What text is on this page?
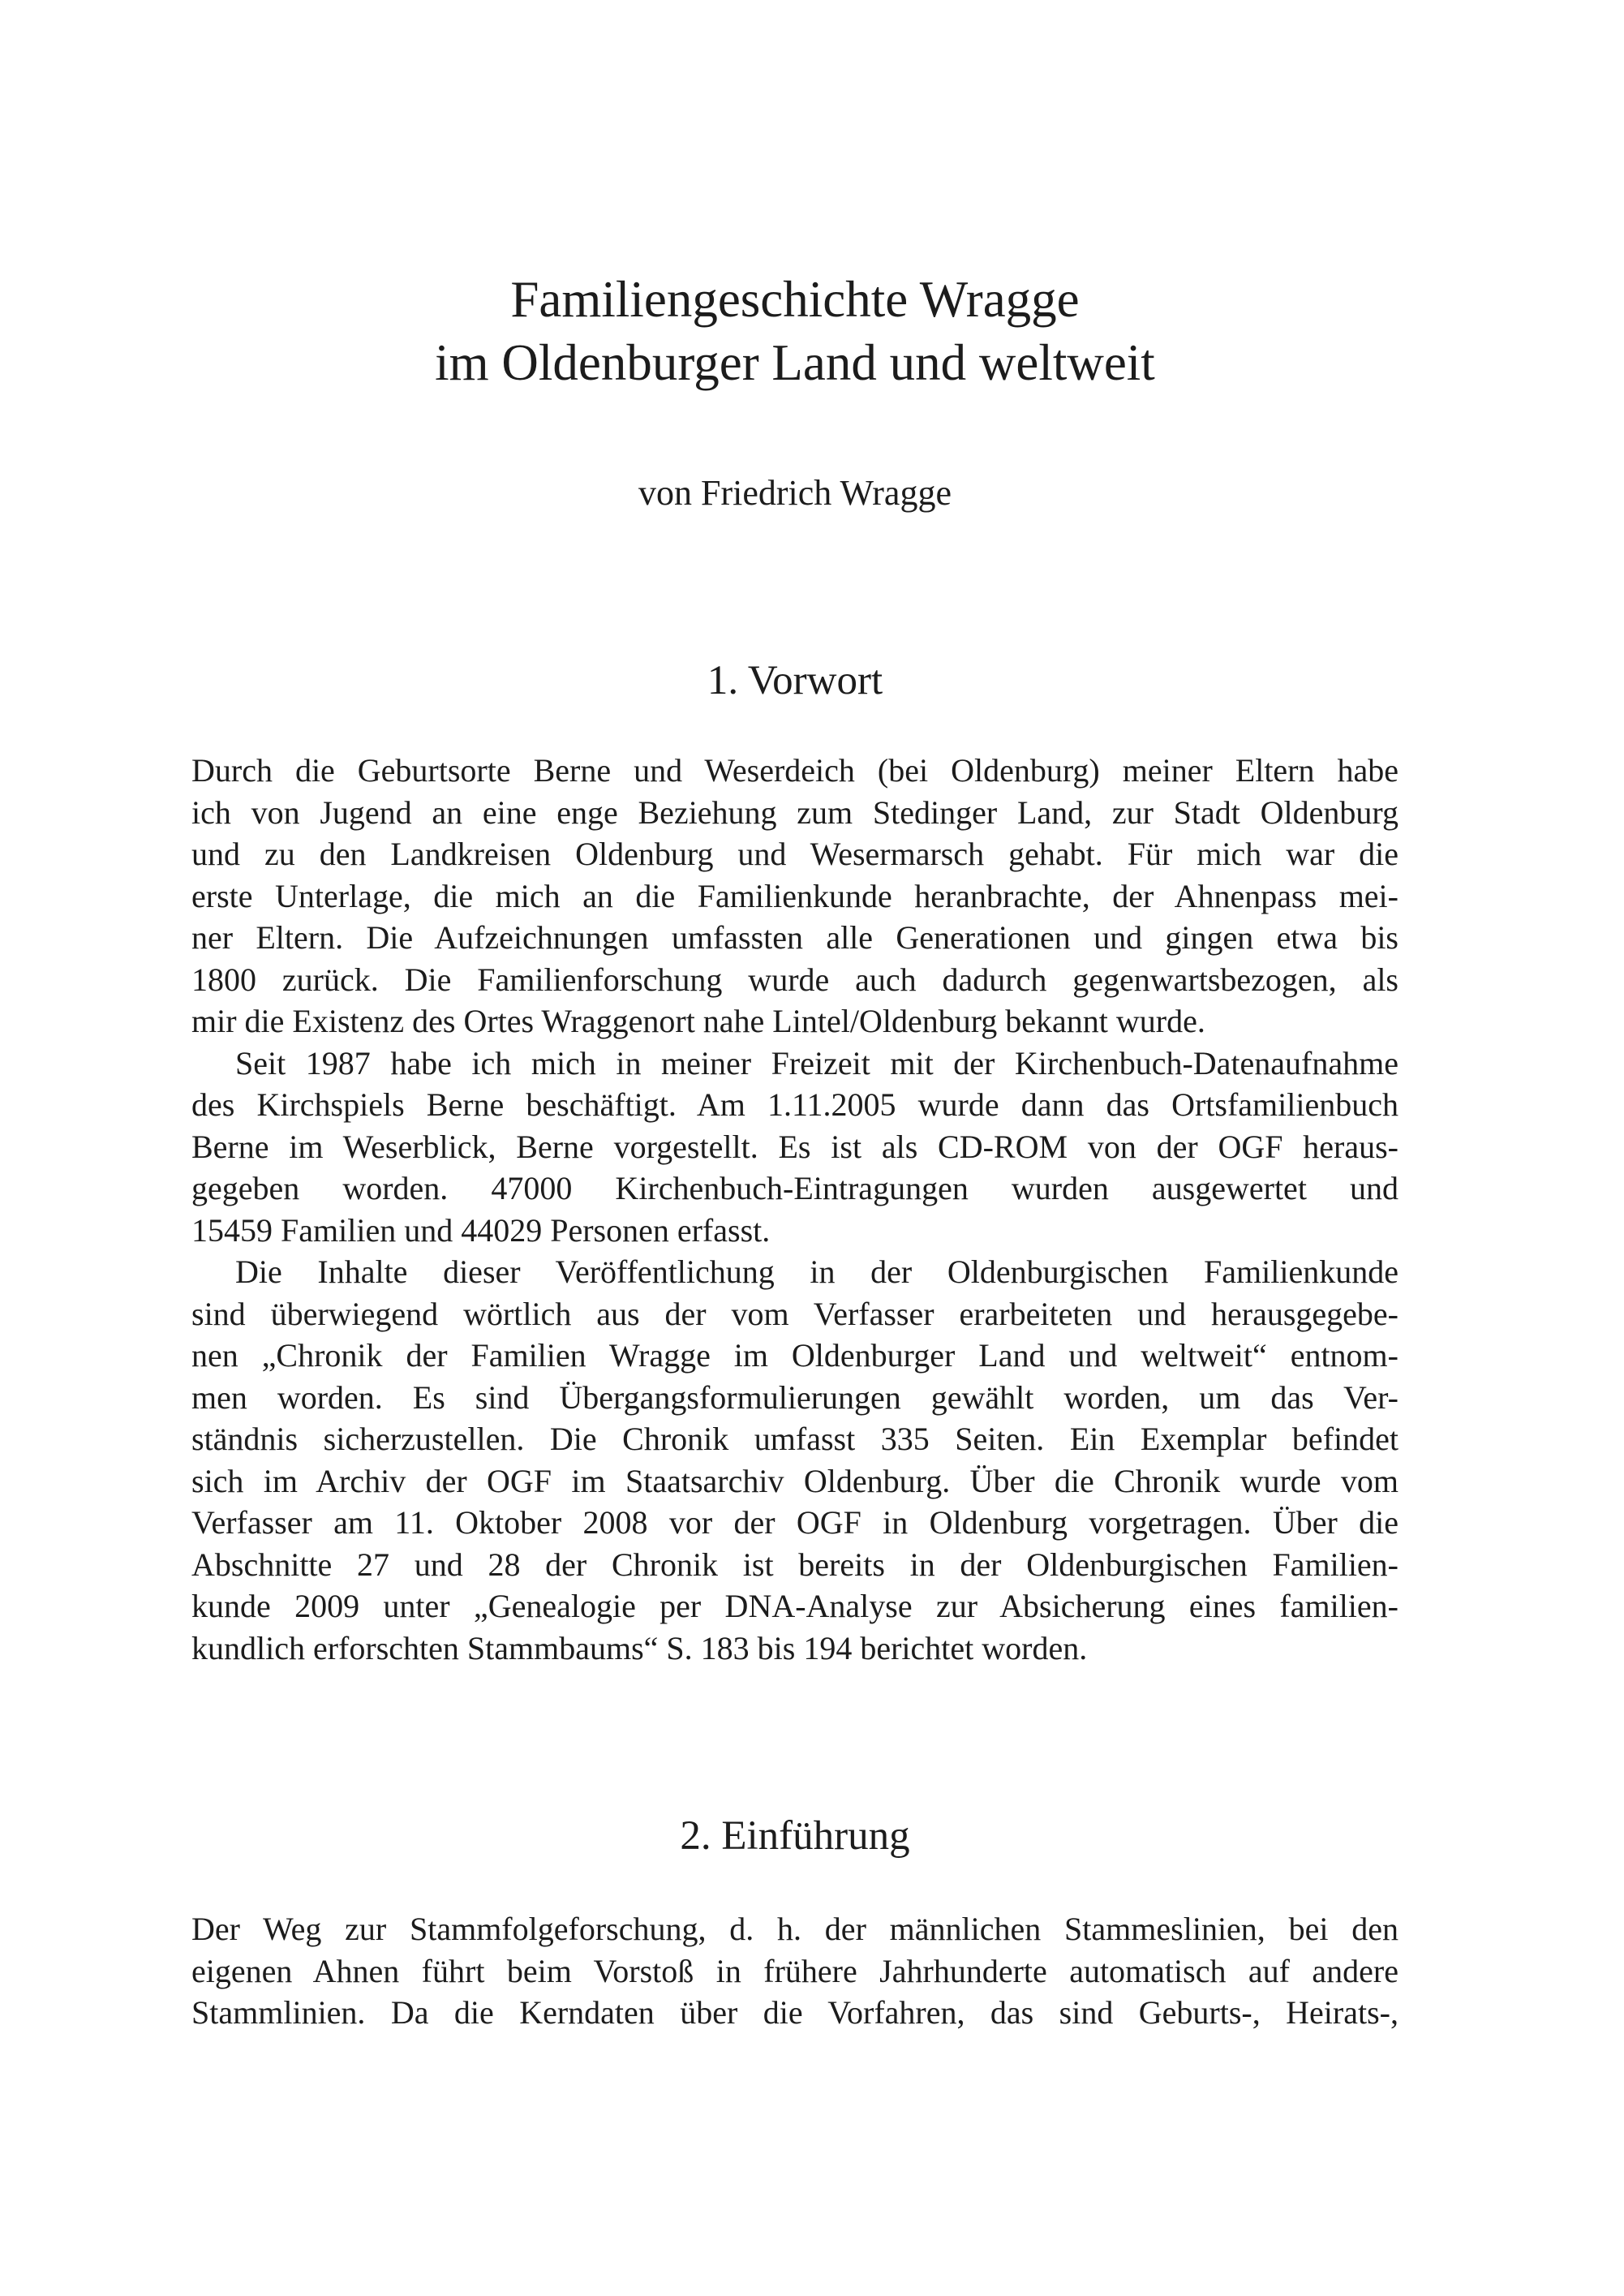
Familiengeschichte Wragge
im Oldenburger Land und weltweit
von Friedrich Wragge
1. Vorwort
Durch die Geburtsorte Berne und Weserdeich (bei Oldenburg) meiner Eltern habe
ich von Jugend an eine enge Beziehung zum Stedinger Land, zur Stadt Oldenburg
und zu den Landkreisen Oldenburg und Wesermarsch gehabt. Für mich war die
erste Unterlage, die mich an die Familienkunde heranbrachte, der Ahnenpass mei-
ner Eltern. Die Aufzeichnungen umfassten alle Generationen und gingen etwa bis
1800 zurück. Die Familienforschung wurde auch dadurch gegenwartsbezogen, als
mir die Existenz des Ortes Wraggenort nahe Lintel/Oldenburg bekannt wurde.
Seit 1987 habe ich mich in meiner Freizeit mit der Kirchenbuch-Datenaufnahme
des Kirchspiels Berne beschäftigt. Am 1.11.2005 wurde dann das Ortsfamilienbuch
Berne im Weserblick, Berne vorgestellt. Es ist als CD-ROM von der OGF heraus-
gegeben worden. 47000 Kirchenbuch-Eintragungen wurden ausgewertet und
15459 Familien und 44029 Personen erfasst.
Die Inhalte dieser Veröffentlichung in der Oldenburgischen Familienkunde
sind überwiegend wörtlich aus der vom Verfasser erarbeiteten und herausgegebe-
nen „Chronik der Familien Wragge im Oldenburger Land und weltweit“ entnom-
men worden. Es sind Übergangsformulierungen gewählt worden, um das Ver-
ständnis sicherzustellen. Die Chronik umfasst 335 Seiten. Ein Exemplar befindet
sich im Archiv der OGF im Staatsarchiv Oldenburg. Über die Chronik wurde vom
Verfasser am 11. Oktober 2008 vor der OGF in Oldenburg vorgetragen. Über die
Abschnitte 27 und 28 der Chronik ist bereits in der Oldenburgischen Familien-
kunde 2009 unter „Genealogie per DNA-Analyse zur Absicherung eines familien-
kundlich erforschten Stammbaums“ S. 183 bis 194 berichtet worden.
2. Einführung
Der Weg zur Stammfolgeforschung, d. h. der männlichen Stammeslinien, bei den
eigenen Ahnen führt beim Vorstoß in frühere Jahrhunderte automatisch auf andere
Stammlinien. Da die Kerndaten über die Vorfahren, das sind Geburts-, Heirats-,
